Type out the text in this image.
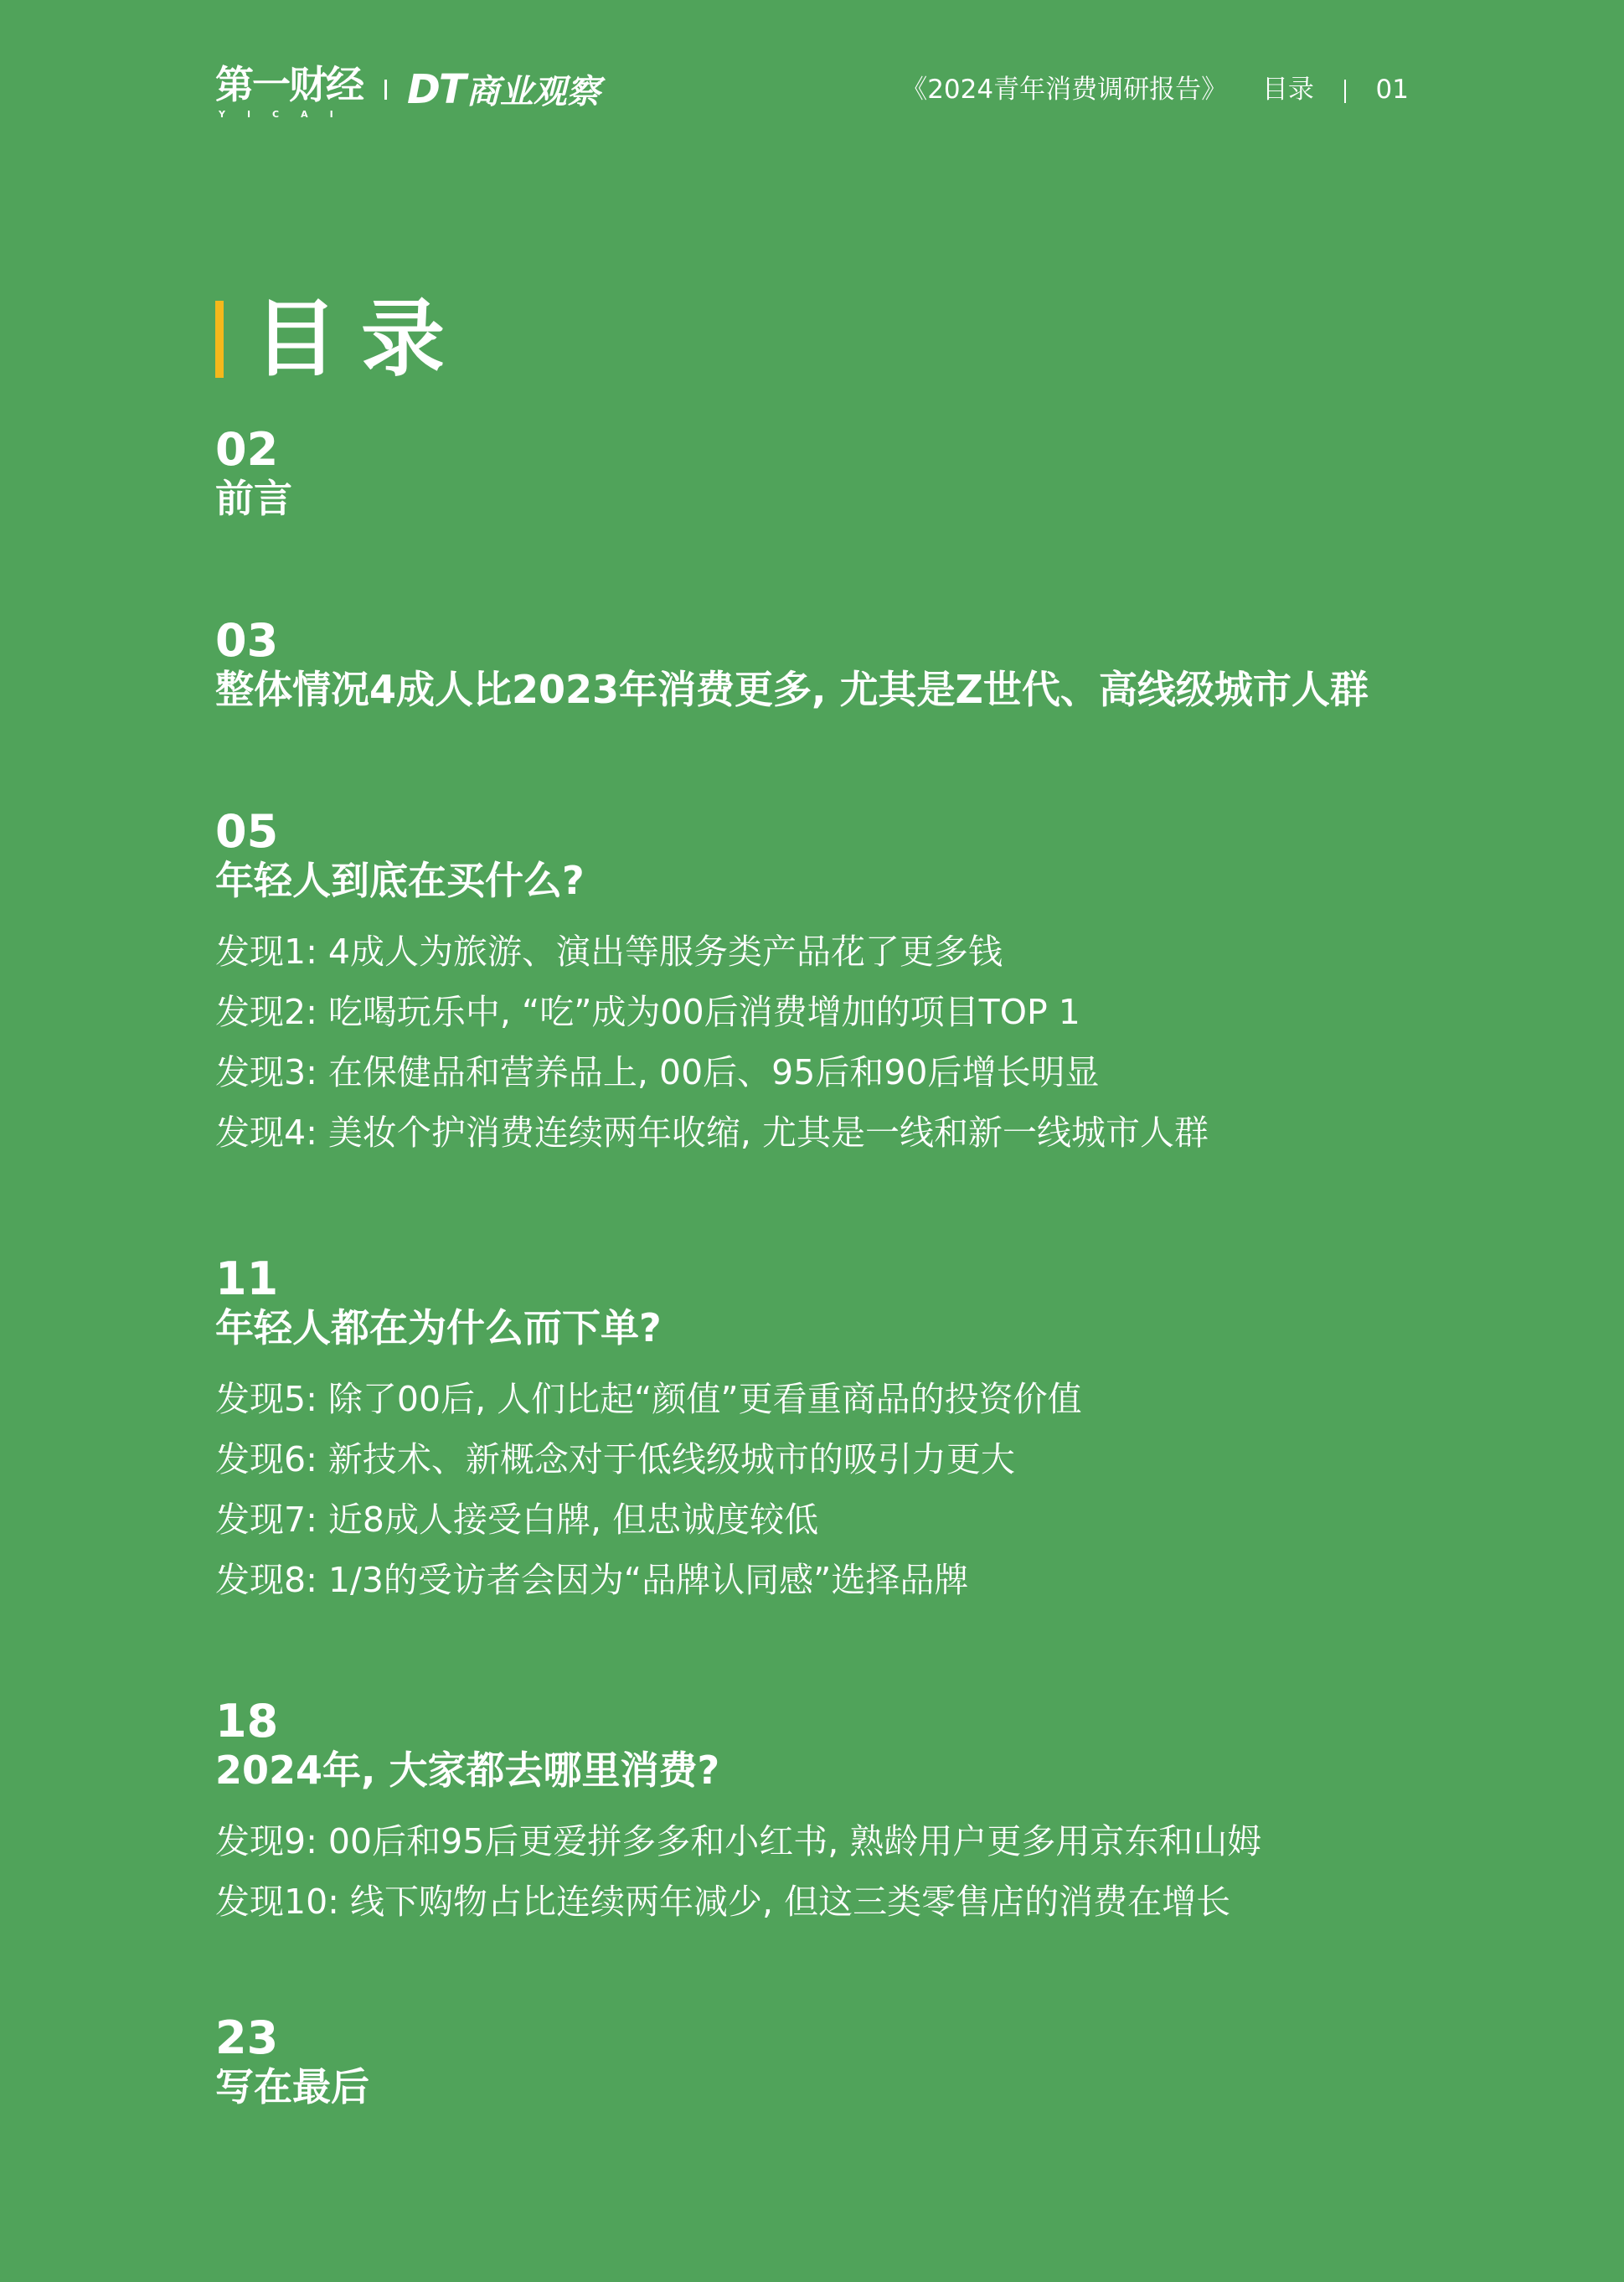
第一财经
YICAI
DT 商业观察	《2024青年消费调研报告》 目录 01
目录
02
前言
03
整体情况4成人比2023年消费更多, 尤其是Z世代、高线级城市人群
05
年轻人到底在买什么?
发现1: 4成人为旅游、演出等服务类产品花了更多钱
发现2: 吃喝玩乐中, “吃”成为00后消费增加的项目TOP 1
发现3: 在保健品和营养品上, 00后、95后和90后增长明显
发现4: 美妆个护消费连续两年收缩, 尤其是一线和新一线城市人群
11
年轻人都在为什么而下单?
发现5: 除了00后, 人们比起“颜值”更看重商品的投资价值
发现6: 新技术、新概念对于低线级城市的吸引力更大
发现7: 近8成人接受白牌, 但忠诚度较低
发现8: 1/3的受访者会因为“品牌认同感”选择品牌
18
2024年, 大家都去哪里消费?
发现9: 00后和95后更爱拼多多和小红书, 熟龄用户更多用京东和山姆
发现10: 线下购物占比连续两年减少, 但这三类零售店的消费在增长
23
写在最后
